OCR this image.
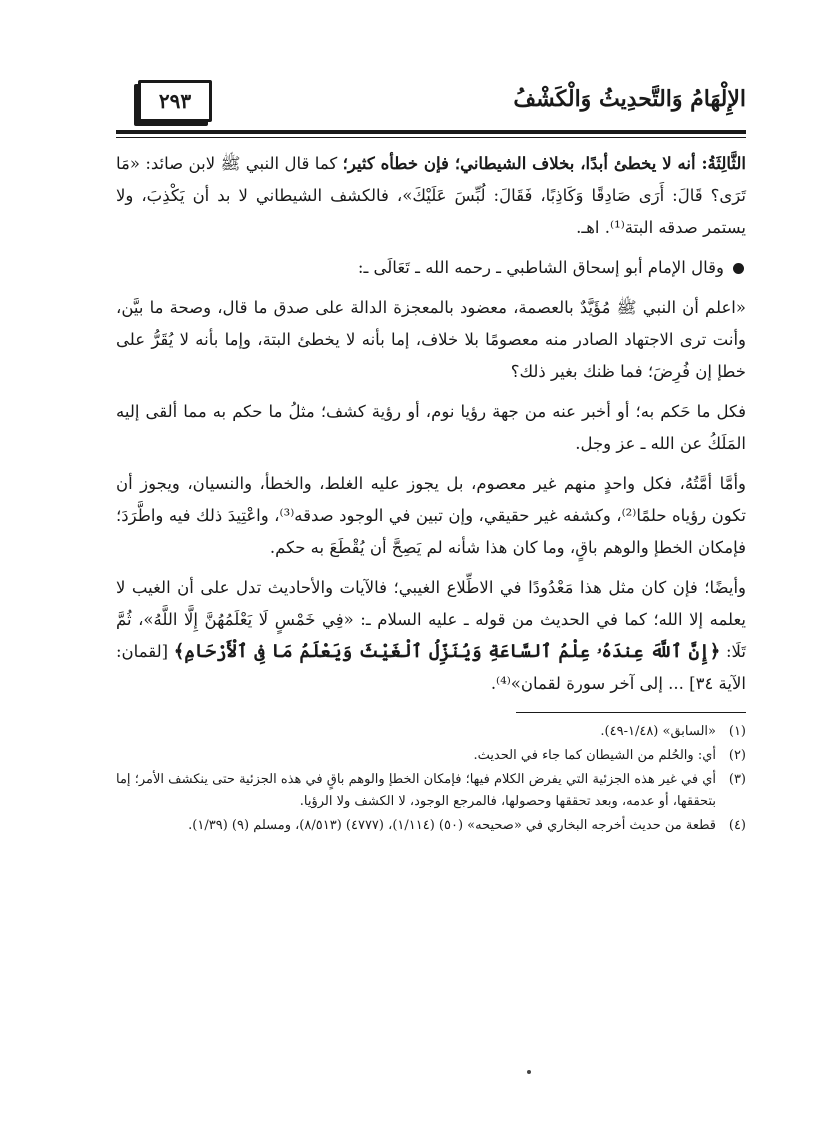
الإِلْهَامُ وَالتَّحدِيثُ وَالْكَشْفُ
٢٩٣

الثَّالِثَةُ: أنه لا يخطئ أبدًا، بخلاف الشيطاني؛ فإن خطأه كثير؛ كما قال النبي ﷺ لابن صائد: «مَا تَرَى؟ قَالَ: أَرَى صَادِقًا وَكَاذِبًا، فَقَالَ: لُبِّسَ عَلَيْكَ»، فالكشف الشيطاني لا بد أن يَكْذِبَ، ولا يستمر صدقه البتة⁽¹⁾. اهـ.

وقال الإمام أبو إسحاق الشاطبي ـ رحمه الله ـ تَعَالَى ـ:

«اعلم أن النبي ﷺ مُؤَيَّدٌ بالعصمة، معضود بالمعجزة الدالة على صدق ما قال، وصحة ما بيَّن، وأنت ترى الاجتهاد الصادر منه معصومًا بلا خلاف، إما بأنه لا يخطئ البتة، وإما بأنه لا يُقَرُّ على خطإ إن فُرِضَ؛ فما ظنك بغير ذلك؟

فكل ما حَكم به؛ أو أخبر عنه من جهة رؤيا نوم، أو رؤية كشف؛ مثلُ ما حكم به مما ألقى إليه المَلَكُ عن الله ـ عز وجل.

وأمَّا أمَّتُهُ، فكل واحدٍ منهم غير معصوم، بل يجوز عليه الغلط، والخطأ، والنسيان، ويجوز أن تكون رؤياه حلمًا⁽²⁾، وكشفه غير حقيقي، وإن تبين في الوجود صدقه⁽³⁾، واعْتِيدَ ذلك فيه واطَّرَدَ؛ فإمكان الخطإ والوهم باقٍ، وما كان هذا شأنه لم يَصِحَّ أن يُقْطَعَ به حكم.

وأيضًا؛ فإن كان مثل هذا مَعْدُودًا في الاطِّلاع الغيبي؛ فالآيات والأحاديث تدل على أن الغيب لا يعلمه إلا الله؛ كما في الحديث من قوله ـ عليه السلام ـ: «فِي خَمْسٍ لَا يَعْلَمُهُنَّ إِلَّا اللَّهُ»، ثُمَّ تَلَا: ﴿إِنَّ ٱللَّهَ عِندَهُۥ عِلْمُ ٱلسَّاعَةِ وَيُنَزِّلُ ٱلْغَيْثَ وَيَعْلَمُ مَا فِى ٱلْأَرْحَامِ﴾ [لقمان: الآية ٣٤] ... إلى آخر سورة لقمان»⁽⁴⁾.

(١)
«السابق» (١/٤٨-٤٩).
(٢)
أي: والحُلم من الشيطان كما جاء في الحديث.
(٣)
أي في غير هذه الجزئية التي يفرض الكلام فيها؛ فإمكان الخطإ والوهم باقٍ في هذه الجزئية حتى ينكشف الأمر؛ إما بتحققها، أو عدمه، وبعد تحققها وحصولها، فالمرجع الوجود، لا الكشف ولا الرؤيا.
(٤)
قطعة من حديث أخرجه البخاري في «صحيحه» (٥٠) (١/١١٤)، (٤٧٧٧) (٨/٥١٣)، ومسلم (٩) (١/٣٩).
